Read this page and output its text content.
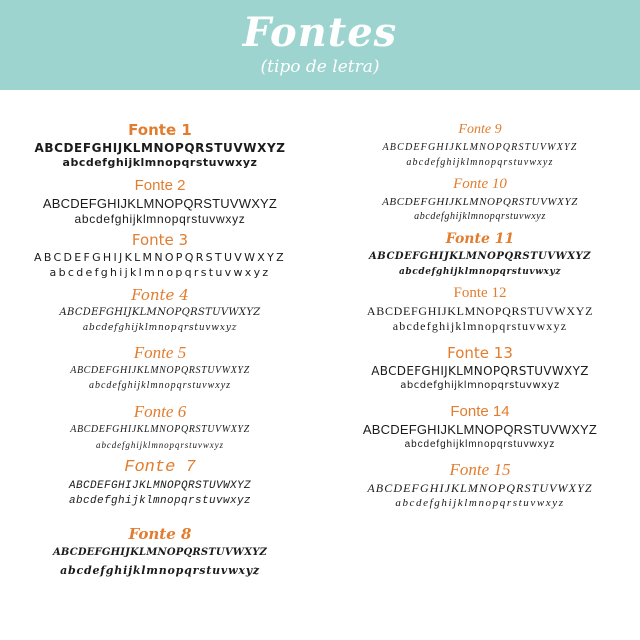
Fontes
(tipo de letra)
Fonte 1
ABCDEFGHIJKLMNOPQRSTUVWXYZ
abcdefghijklmnopqrstuvwxyz
Fonte 2
ABCDEFGHIJKLMNOPQRSTUVWXYZ
abcdefghijklmnopqrstuvwxyz
Fonte 3
ABCDEFGHIJKLMNOPQRSTUVWXYZ
abcdefghijklmnopqrstuvwxyz
Fonte 4
ABCDEFGHIJKLMNOPQRSTUVWXYZ
abcdefghijklmnopqrstuvwxyz
Fonte 5
ABCDEFGHIJKLMNOPQRSTUVWXYZ
abcdefghijklmnopqrstuvwxyz
Fonte 6
ABCDEFGHIJKLMNOPQRSTUVWXYZ
abcdefghijklmnopqrstuvwxyz
Fonte 7
ABCDEFGHIJKLMNOPQRSTUVWXYZ
abcdefghijklmnopqrstuvwxyz
Fonte 8
ABCDEFGHIJKLMNOPQRSTUVWXYZ
abcdefghijklmnopqrstuvwxyz
Fonte 9
ABCDEFGHIJKLMNOPQRSTUVWXYZ
abcdefghijklmnopqrstuvwxyz
Fonte 10
ABCDEFGHIJKLMNOPQRSTUVWXYZ
abcdefghijklmnopqrstuvwxyz
Fonte 11
ABCDEFGHIJKLMNOPQRSTUVWXYZ
abcdefghijklmnopqrstuvwxyz
Fonte 12
ABCDEFGHIJKLMNOPQRSTUVWXYZ
abcdefghijklmnopqrstuvwxyz
Fonte 13
ABCDEFGHIJKLMNOPQRSTUVWXYZ
abcdefghijklmnopqrstuvwxyz
Fonte 14
ABCDEFGHIJKLMNOPQRSTUVWXYZ
abcdefghijklmnopqrstuvwxyz
Fonte 15
ABCDEFGHIJKLMNOPQRSTUVWXYZ
abcdefghijklmnopqrstuvwxyz
